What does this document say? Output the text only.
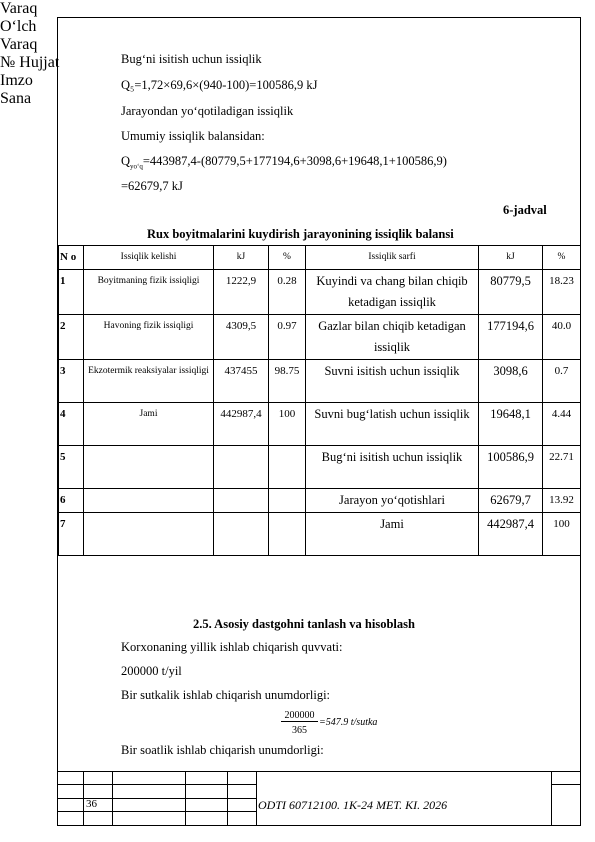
Bug‘ni isitish uchun issiqlik
Q₅=1,72×69,6×(940-100)=100586,9 kJ
Jarayondan yo‘qotiladigan issiqlik
Umumiy issiqlik balansidan:
$Q_{yo‘q}=443987,4-(80779,5+177194,6+3098,6+19648,1+100586,9)$
=62679,7 kJ
6-jadval
Rux boyitmalarini kuydirish jarayonining issiqlik balansi
N o	Issiqlik kelishi	kJ	%	Issiqlik sarfi	kJ	%
1	Boyitmaning fizik issiqligi	1222,9	0.28	Kuyindi va chang bilan chiqib ketadigan issiqlik	80779,5	18.23
2	Havoning fizik issiqligi	4309,5	0.97	Gazlar bilan chiqib ketadigan issiqlik	177194,6	40.0
3	Ekzotermik reaksiyalar issiqligi	437455	98.75	Suvni isitish uchun issiqlik	3098,6	0.7
4	Jami	442987,4	100	Suvni bug‘latish uchun issiqlik	19648,1	4.44
5				Bug‘ni isitish uchun issiqlik	100586,9	22.71
6				Jarayon yo‘qotishlari	62679,7	13.92
7				Jami	442987,4	100
2.5. Asosiy dastgohni tanlash va hisoblash
Korxonaning yillik ishlab chiqarish quvvati:
200000 t/yil
Bir sutkalik ishlab chiqarish unumdorligi:
200000
365
=547.9 t/sutka
Bir soatlik ishlab chiqarish unumdorligi:
36	ODTI 60712100. 1K-24 MET. KI. 2026
Varaq
O‘lch
Varaq
№ Hujjat
Imzo
Sana
